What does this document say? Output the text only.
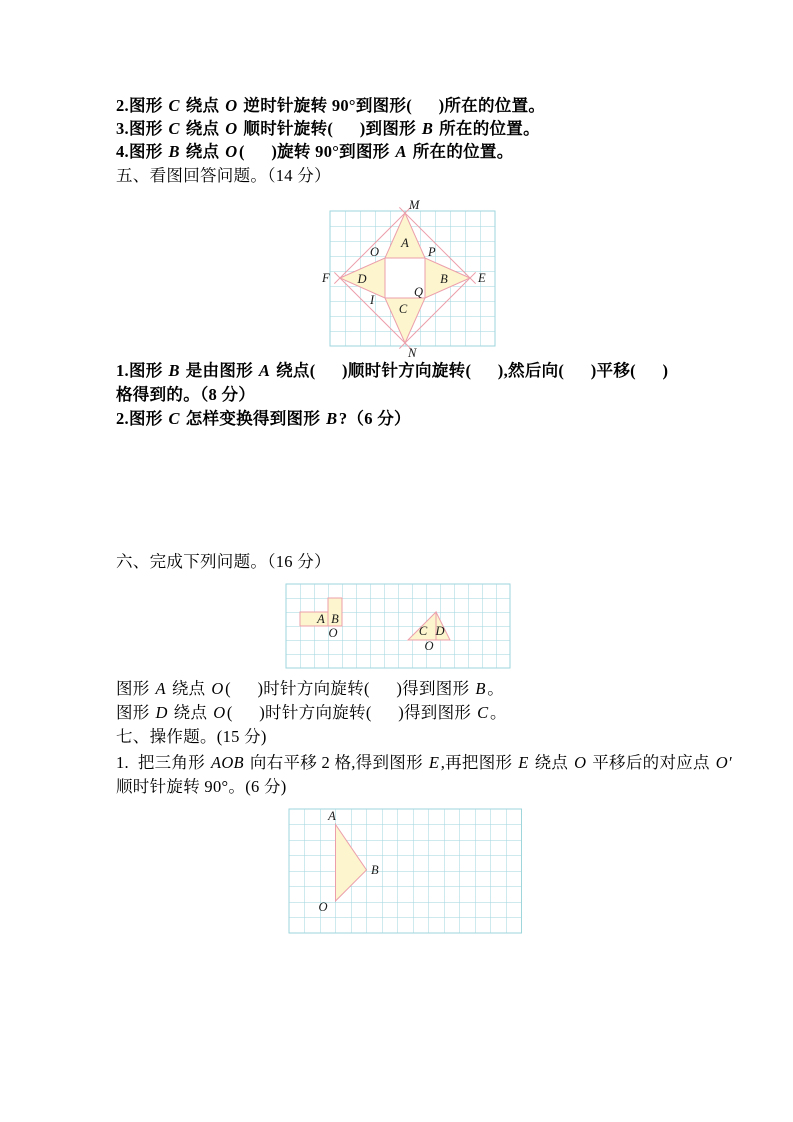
2.图形 C 绕点 O 逆时针旋转 90°到图形(      )所在的位置。
3.图形 C 绕点 O 顺时针旋转(      )到图形 B 所在的位置。
4.图形 B 绕点 O(      )旋转 90°到图形 A 所在的位置。
五、看图回答问题。（14 分）
M
A
O	P
D	B
F	E
I
Q
C
N
1.图形 B 是由图形 A 绕点(      )顺时针方向旋转(      ),然后向(      )平移(      )
格得到的。（8 分）
2.图形 C 怎样变换得到图形 B?（6 分）
六、完成下列问题。（16 分）
A B
O	C D
O
图形 A 绕点 O(      )时针方向旋转(      )得到图形 B。
图形 D 绕点 O(      )时针方向旋转(      )得到图形 C。
七、操作题。(15 分)
1.  把三角形 AOB 向右平移 2 格,得到图形 E,再把图形 E 绕点 O 平移后的对应点 O′
顺时针旋转 90°。(6 分)
A
B
O
